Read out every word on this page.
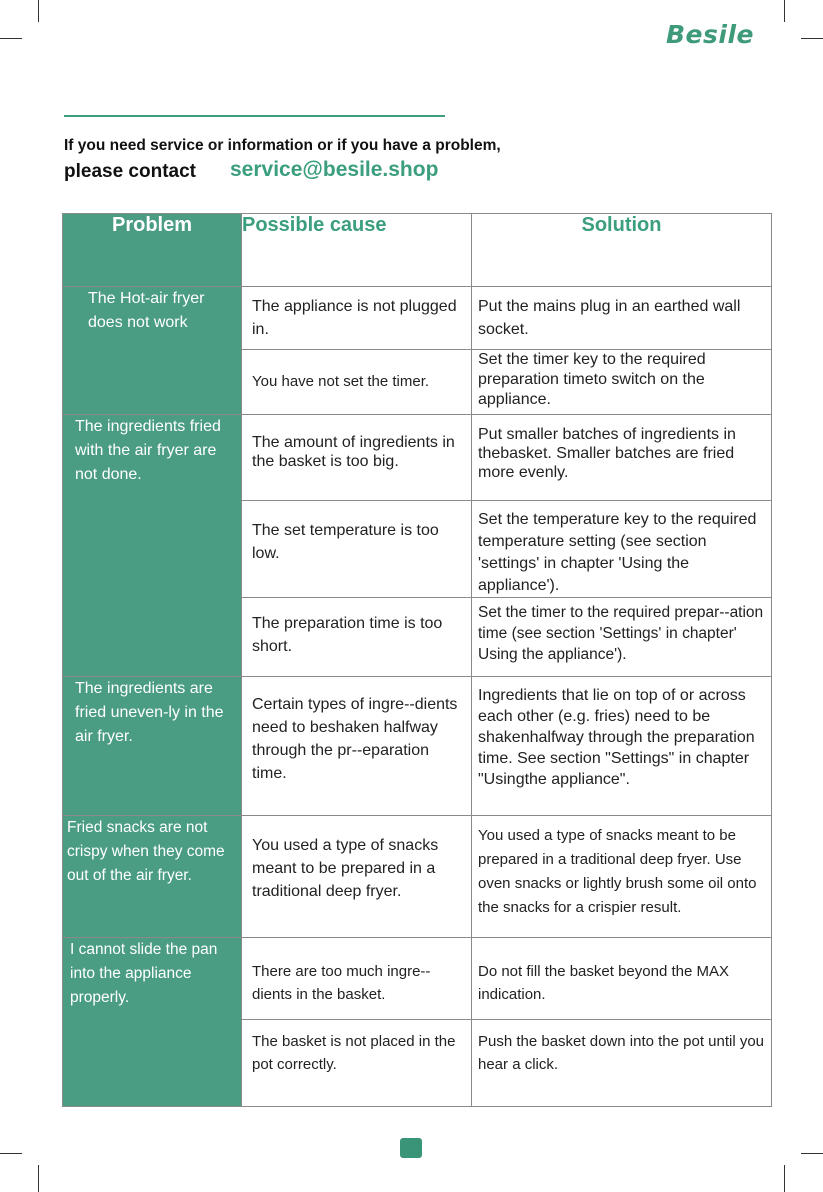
Besile
If you need service or information or if you have a problem,
please contact service@besile.shop
Problem	Possible cause	Solution

The Hot-air fryer does not work	The appliance is not plugged in.	Put the mains plug in an earthed wall socket.

	You have not set the timer.	Set the timer key to the required preparation timeto switch on the appliance.

The ingredients fried with the air fryer are not done.	The amount of ingredients in the basket is too big.	Put smaller batches of ingredients in thebasket. Smaller batches are fried more evenly.

	The set temperature is too low.	Set the temperature key to the required temperature setting (see section 'settings' in chapter 'Using the appliance').

	The preparation time is too short.	Set the timer to the required prepar--ation time (see section 'Settings' in chapter' Using the appliance').

The ingredients are fried uneven-ly in the air fryer.	Certain types of ingre--dients need to beshaken halfway through the pr--eparation time.	Ingredients that lie on top of or across each other (e.g. fries) need to be shakenhalfway through the preparation time. See section "Settings" in chapter "Usingthe appliance".

Fried snacks are not crispy when they come out of the air fryer.	You used a type of snacks meant to be prepared in a traditional deep fryer.	You used a type of snacks meant to be prepared in a traditional deep fryer. Use oven snacks or lightly brush some oil onto the snacks for a crispier result.

I cannot slide the pan into the appliance properly.	There are too much ingre--dients in the basket.	Do not fill the basket beyond the MAX indication.

	The basket is not placed in the pot correctly.	Push the basket down into the pot until you hear a click.
